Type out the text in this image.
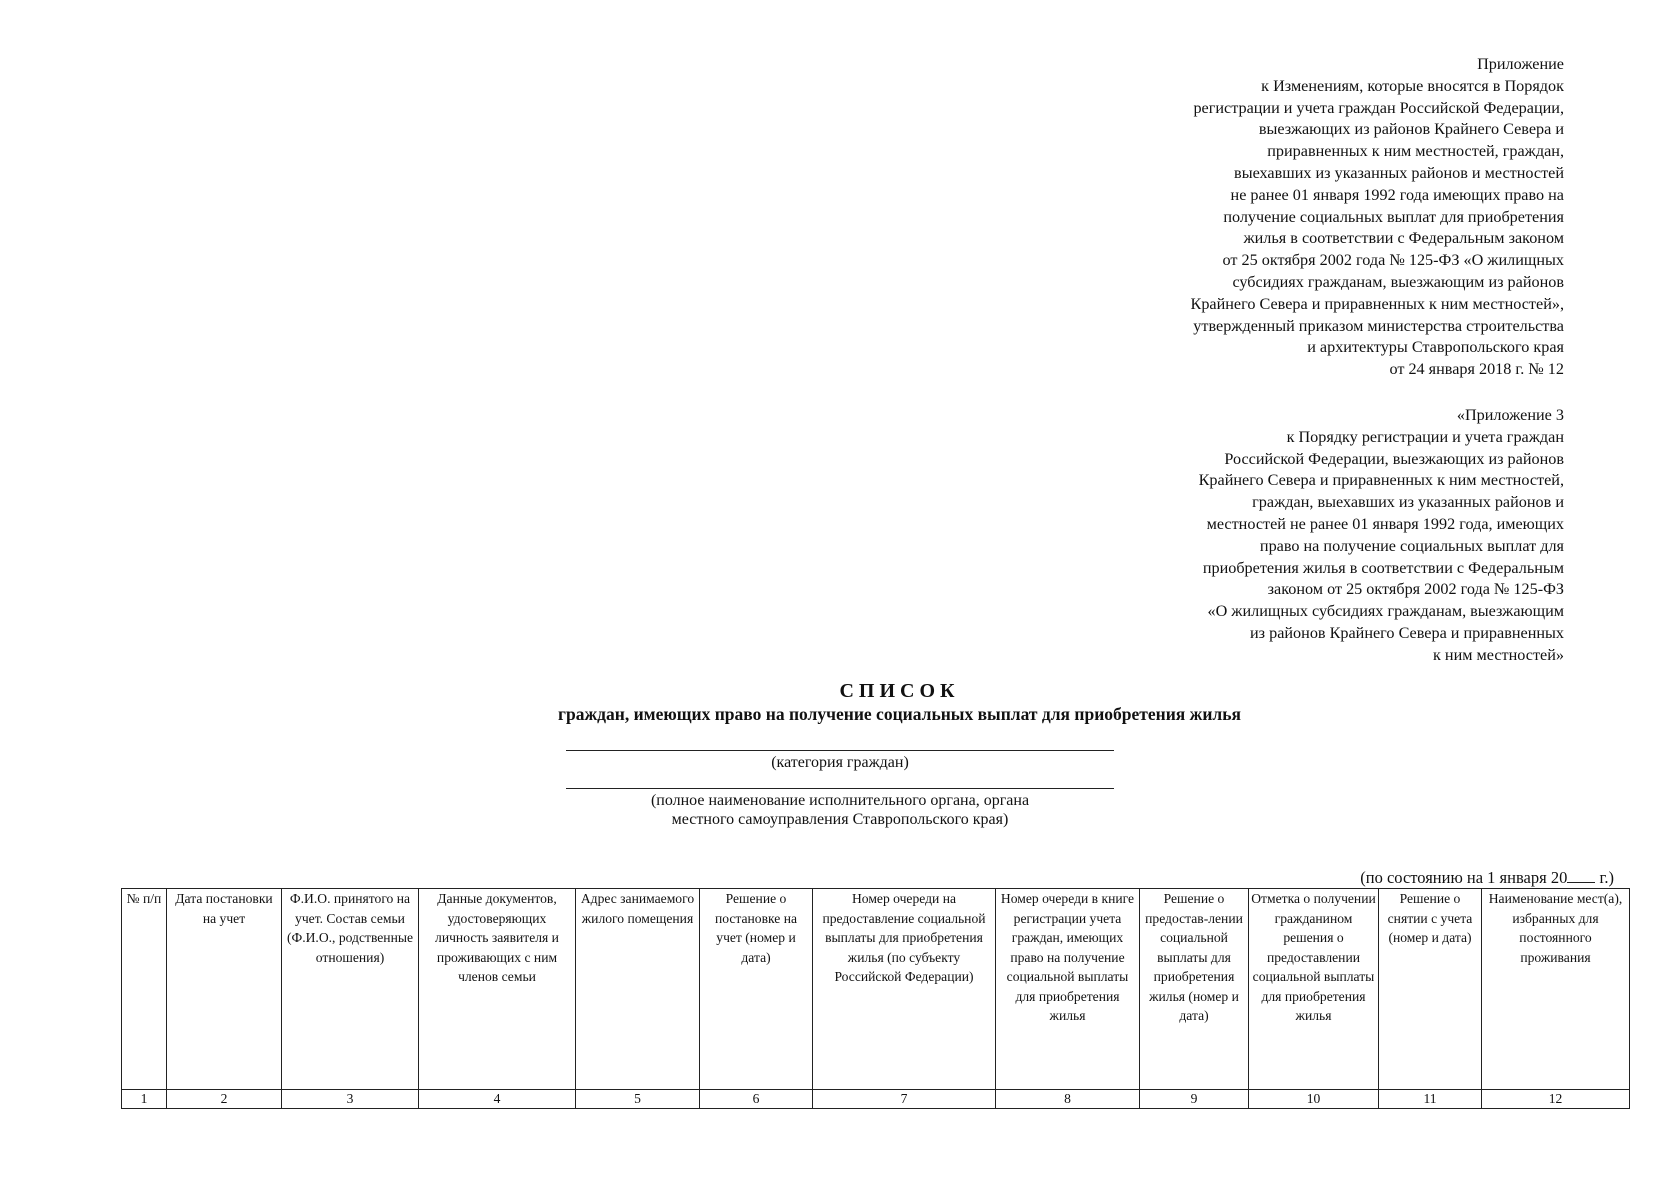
Приложение
к Изменениям, которые вносятся в Порядок
регистрации и учета граждан Российской Федерации,
выезжающих из районов Крайнего Севера и
приравненных к ним местностей, граждан,
выехавших из указанных районов и местностей
не ранее 01 января 1992 года имеющих право на
получение социальных выплат для приобретения
жилья в соответствии с Федеральным законом
от 25 октября 2002 года № 125-ФЗ «О жилищных
субсидиях гражданам, выезжающим из районов
Крайнего Севера и приравненных к ним местностей»,
утвержденный приказом министерства строительства
и архитектуры Ставропольского края
от 24 января 2018 г. № 12
«Приложение 3
к Порядку регистрации и учета граждан
Российской Федерации, выезжающих из районов
Крайнего Севера и приравненных к ним местностей,
граждан, выехавших из указанных районов и
местностей не ранее 01 января 1992 года, имеющих
право на получение социальных выплат для
приобретения жилья в соответствии с Федеральным
законом от 25 октября 2002 года № 125-ФЗ
«О жилищных субсидиях гражданам, выезжающим
из районов Крайнего Севера и приравненных
к ним местностей»
СПИСОК
граждан, имеющих право на получение социальных выплат для приобретения жилья
(категория граждан)
(полное наименование исполнительного органа, органа
местного самоуправления Ставропольского края)
(по состоянию на 1 января 20 г.)
№ п/п	Дата постановки на учет	Ф.И.О. принятого на учет. Состав семьи (Ф.И.О., родственные отношения)	Данные документов, удостоверяющих личность заявителя и проживающих с ним членов семьи	Адрес занимаемого жилого помещения	Решение о постановке на учет (номер и дата)	Номер очереди на предоставление социальной выплаты для приобретения жилья (по субъекту Российской Федерации)	Номер очереди в книге регистрации учета граждан, имеющих право на получение социальной выплаты для приобретения жилья	Решение о предостав-лении социальной выплаты для приобретения жилья (номер и дата)	Отметка о получении гражданином решения о предоставлении социальной выплаты для приобретения жилья	Решение о снятии с учета (номер и дата)	Наименование мест(а), избранных для постоянного проживания
1	2	3	4	5	6	7	8	9	10	11	12
